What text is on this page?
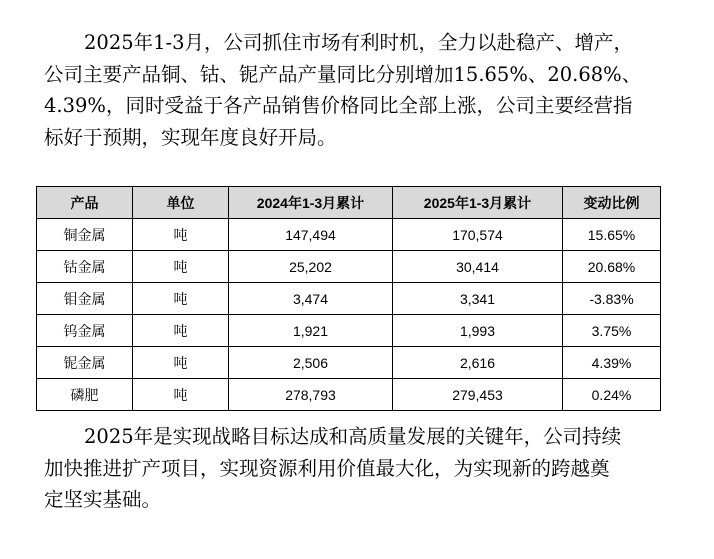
2025年1-3月，公司抓住市场有利时机，全力以赴稳产、增产，
公司主要产品铜、钴、铌产品产量同比分别增加15.65%、20.68%、
4.39%，同时受益于各产品销售价格同比全部上涨，公司主要经营指
标好于预期，实现年度良好开局。
产品	单位	2024年1-3月累计	2025年1-3月累计	变动比例
铜金属	吨	147,494	170,574	15.65%
钴金属	吨	25,202	30,414	20.68%
钼金属	吨	3,474	3,341	-3.83%
钨金属	吨	1,921	1,993	3.75%
铌金属	吨	2,506	2,616	4.39%
磷肥	吨	278,793	279,453	0.24%
2025年是实现战略目标达成和高质量发展的关键年，公司持续
加快推进扩产项目，实现资源利用价值最大化，为实现新的跨越奠
定坚实基础。
